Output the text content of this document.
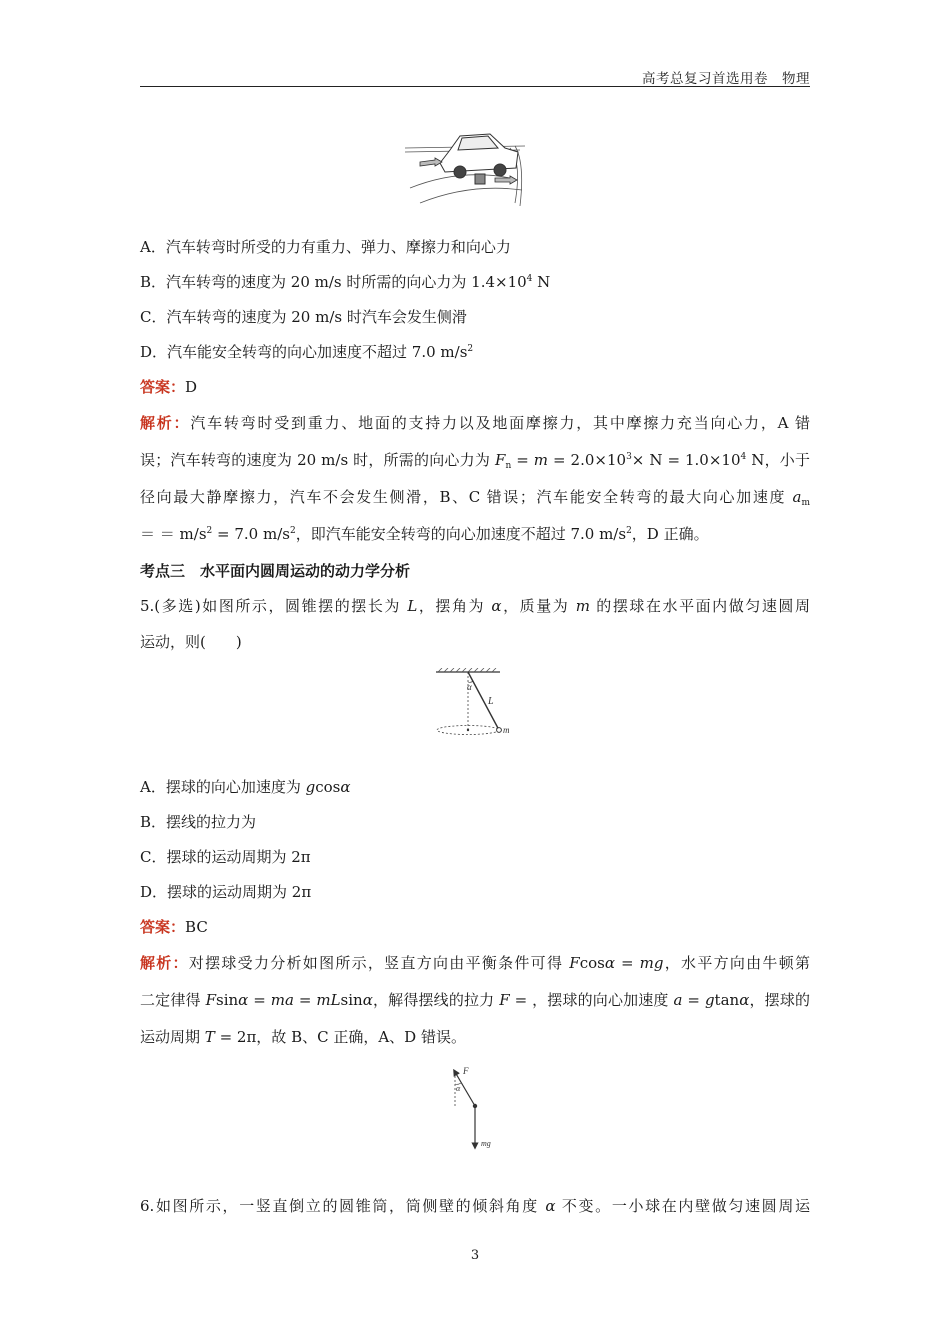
高考总复习首选用卷　物理
A．汽车转弯时所受的力有重力、弹力、摩擦力和向心力
B．汽车转弯的速度为 20 m/s 时所需的向心力为 $1.4\times 10^4$ N
C．汽车转弯的速度为 20 m/s 时汽车会发生侧滑
D．汽车能安全转弯的向心加速度不超过 7.0 $m/s^2$
答案：D
解析：汽车转弯时受到重力、地面的支持力以及地面摩擦力，其中摩擦力充当向心力，A 错
误；汽车转弯的速度为 20 m/s 时，所需的向心力为 $F_n = m = 2.0\times 10^3\times N = 1.0\times 10^4$ N，小于
径向最大静摩擦力，汽车不会发生侧滑，B、C 错误；汽车能安全转弯的最大向心加速度 $a_m$
＝ ＝ $m/s^2 = 7.0$ $m/s^2$，即汽车能安全转弯的向心加速度不超过 7.0 $m/s^2$，D 正确。
考点三　水平面内圆周运动的动力学分析
5.(多选)如图所示，圆锥摆的摆长为 L，摆角为 α，质量为 m 的摆球在水平面内做匀速圆周
运动，则(　　)
α
L
m
A．摆球的向心加速度为 gcosα
B．摆线的拉力为
C．摆球的运动周期为 2π
D．摆球的运动周期为 2π
答案：BC
解析：对摆球受力分析如图所示，竖直方向由平衡条件可得 Fcosα = mg，水平方向由牛顿第
二定律得 Fsinα = ma = mLsinα，解得摆线的拉力 F = ，摆球的向心加速度 a = gtanα，摆球的
运动周期 T = 2π，故 B、C 正确，A、D 错误。
F
α
mg
6.如图所示，一竖直倒立的圆锥筒，筒侧壁的倾斜角度 α 不变。一小球在内壁做匀速圆周运
3
